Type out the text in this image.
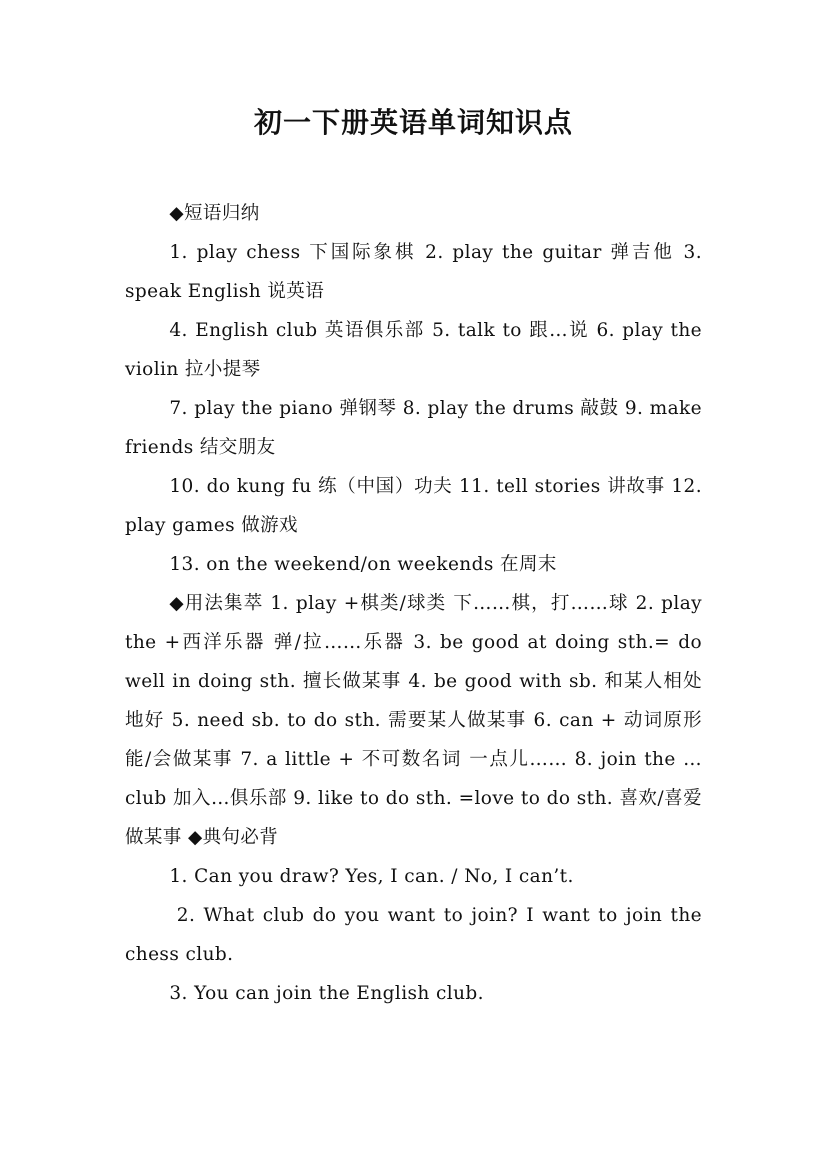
初一下册英语单词知识点

◆短语归纳

1. play chess 下国际象棋 2. play the guitar 弹吉他 3. speak English 说英语

4. English club 英语俱乐部 5. talk to 跟…说 6. play the violin 拉小提琴

7. play the piano 弹钢琴 8. play the drums 敲鼓 9. make friends 结交朋友

10. do kung fu 练（中国）功夫 11. tell stories 讲故事 12. play games 做游戏

13. on the weekend/on weekends 在周末

◆用法集萃 1. play +棋类/球类 下……棋，打……球 2. play the +西洋乐器 弹/拉……乐器 3. be good at doing sth.= do well in doing sth. 擅长做某事 4. be good with sb. 和某人相处地好 5. need sb. to do sth. 需要某人做某事 6. can + 动词原形 能/会做某事 7. a little + 不可数名词 一点儿…… 8. join the …club 加入…俱乐部 9. like to do sth. =love to do sth. 喜欢/喜爱做某事 ◆典句必背

1. Can you draw? Yes, I can. / No, I can’t.

2. What club do you want to join? I want to join the chess club.

3. You can join the English club.
